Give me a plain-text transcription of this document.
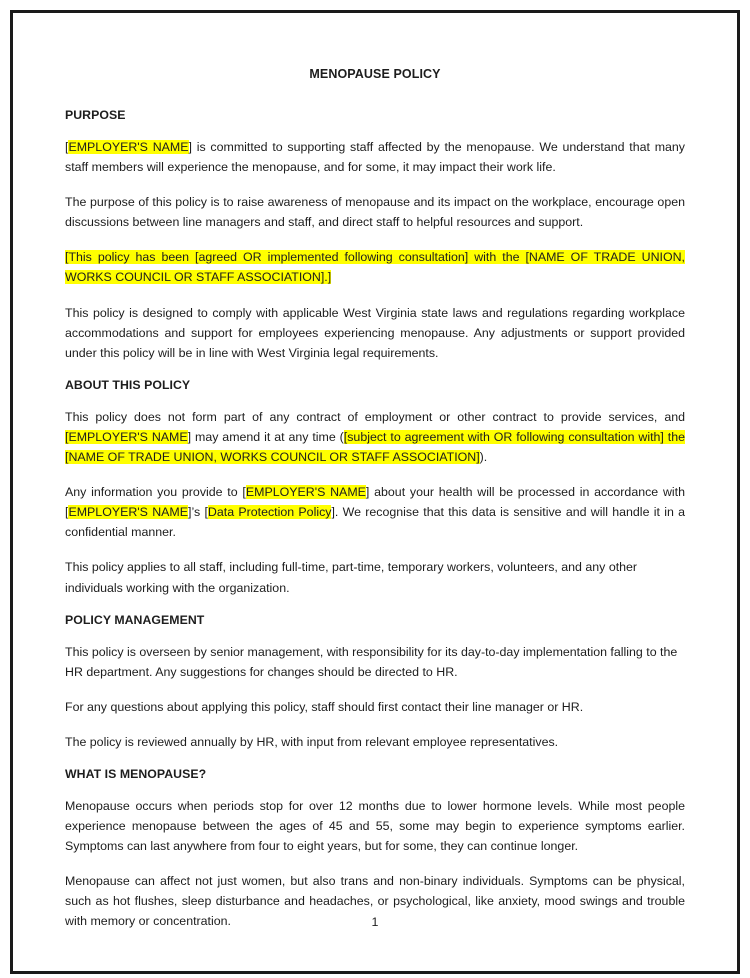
MENOPAUSE POLICY
PURPOSE

[EMPLOYER'S NAME] is committed to supporting staff affected by the menopause. We understand that many staff members will experience the menopause, and for some, it may impact their work life.

The purpose of this policy is to raise awareness of menopause and its impact on the workplace, encourage open discussions between line managers and staff, and direct staff to helpful resources and support.

[This policy has been [agreed OR implemented following consultation] with the [NAME OF TRADE UNION, WORKS COUNCIL OR STAFF ASSOCIATION].]

This policy is designed to comply with applicable West Virginia state laws and regulations regarding workplace accommodations and support for employees experiencing menopause. Any adjustments or support provided under this policy will be in line with West Virginia legal requirements.

ABOUT THIS POLICY

This policy does not form part of any contract of employment or other contract to provide services, and [EMPLOYER'S NAME] may amend it at any time ([subject to agreement with OR following consultation with] the [NAME OF TRADE UNION, WORKS COUNCIL OR STAFF ASSOCIATION]).

Any information you provide to [EMPLOYER'S NAME] about your health will be processed in accordance with [EMPLOYER'S NAME]’s [Data Protection Policy]. We recognise that this data is sensitive and will handle it in a confidential manner.

This policy applies to all staff, including full-time, part-time, temporary workers, volunteers, and any other individuals working with the organization.

POLICY MANAGEMENT

This policy is overseen by senior management, with responsibility for its day-to-day implementation falling to the HR department. Any suggestions for changes should be directed to HR.

For any questions about applying this policy, staff should first contact their line manager or HR.

The policy is reviewed annually by HR, with input from relevant employee representatives.

WHAT IS MENOPAUSE?

Menopause occurs when periods stop for over 12 months due to lower hormone levels. While most people experience menopause between the ages of 45 and 55, some may begin to experience symptoms earlier. Symptoms can last anywhere from four to eight years, but for some, they can continue longer.

Menopause can affect not just women, but also trans and non-binary individuals. Symptoms can be physical, such as hot flushes, sleep disturbance and headaches, or psychological, like anxiety, mood swings and trouble with memory or concentration.	1
